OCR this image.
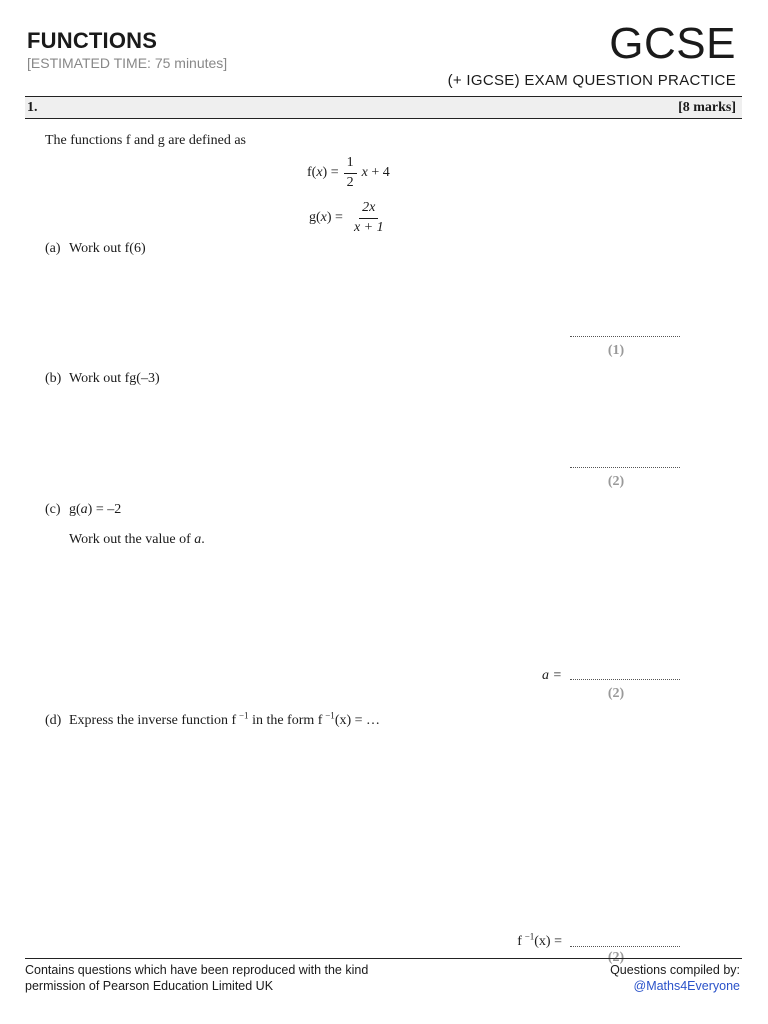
FUNCTIONS
[ESTIMATED TIME: 75 minutes]	GCSE
(+ IGCSE) EXAM QUESTION PRACTICE
1.	[8 marks]
The functions f and g are defined as
f( x ) = $\frac{1}{2}$ x
+ 4
g( x ) = $\frac{2x}{x + 1}$
(a) Work out f(6)
(1)
(b) Work out fg(–3)
(2)
(c) g(a) = –2
Work out the value of a.
a =
(2)
(d) Express the inverse function f $^{-1}$ in the form f $^{-1}$(x) = …
f $^{-1}$(x) =
(2)
Contains questions which have been reproduced with the kind
permission of Pearson Education Limited UK
Questions compiled by:
@Maths4Everyone
